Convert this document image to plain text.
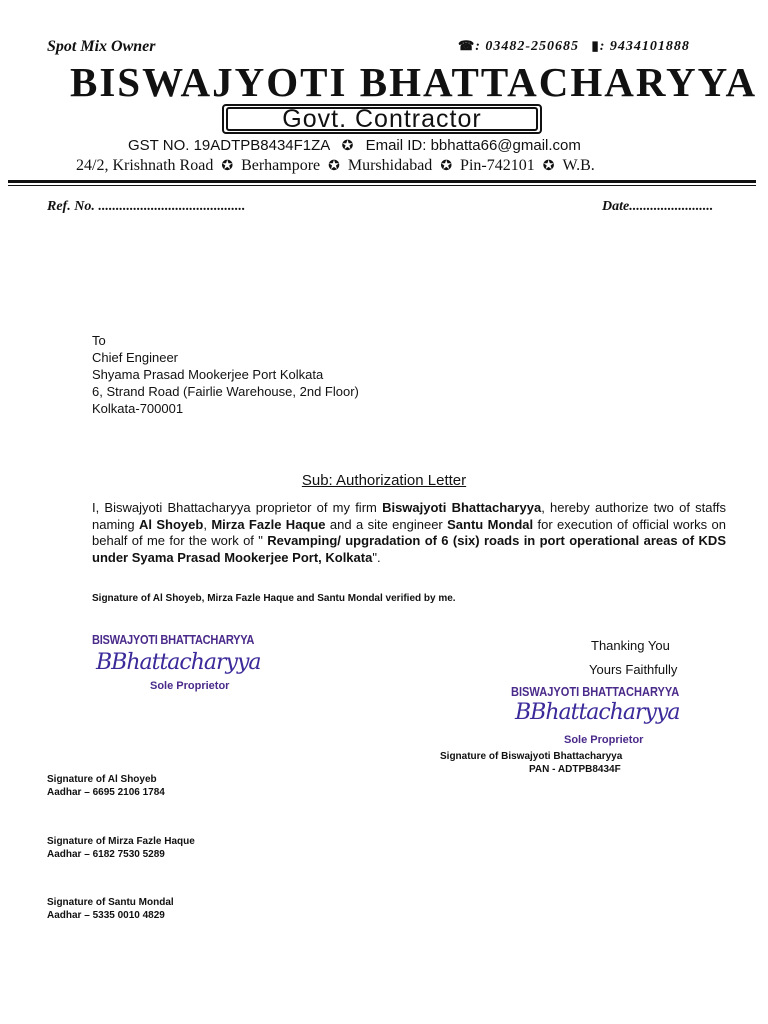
Spot Mix Owner	☎: 03482-250685 ▮: 9434101888
BISWAJYOTI BHATTACHARYYA
Govt. Contractor
GST NO. 19ADTPB8434F1ZA ✪ Email ID: bbhatta66@gmail.com
24/2, Krishnath Road ✪ Berhampore ✪ Murshidabad ✪ Pin-742101 ✪ W.B.
Ref. No. ..........................................	Date........................
To
Chief Engineer
Shyama Prasad Mookerjee Port Kolkata
6, Strand Road (Fairlie Warehouse, 2nd Floor)
Kolkata-700001
Sub: Authorization Letter
I, Biswajyoti Bhattacharyya proprietor of my firm Biswajyoti Bhattacharyya, hereby authorize two of staffs naming Al Shoyeb, Mirza Fazle Haque and a site engineer Santu Mondal for execution of official works on behalf of me for the work of " Revamping/ upgradation of 6 (six) roads in port operational areas of KDS under Syama Prasad Mookerjee Port, Kolkata".
Signature of Al Shoyeb, Mirza Fazle Haque and Santu Mondal verified by me.
BISWAJYOTI BHATTACHARYYA
BBhattacharyya
Sole Proprietor
Thanking You
Yours Faithfully
BISWAJYOTI BHATTACHARYYA
BBhattacharyya
Sole Proprietor
Signature of Biswajyoti Bhattacharyya
PAN - ADTPB8434F
Signature of Al Shoyeb
Aadhar – 6695 2106 1784
Signature of Mirza Fazle Haque
Aadhar – 6182 7530 5289
Signature of Santu Mondal
Aadhar – 5335 0010 4829
